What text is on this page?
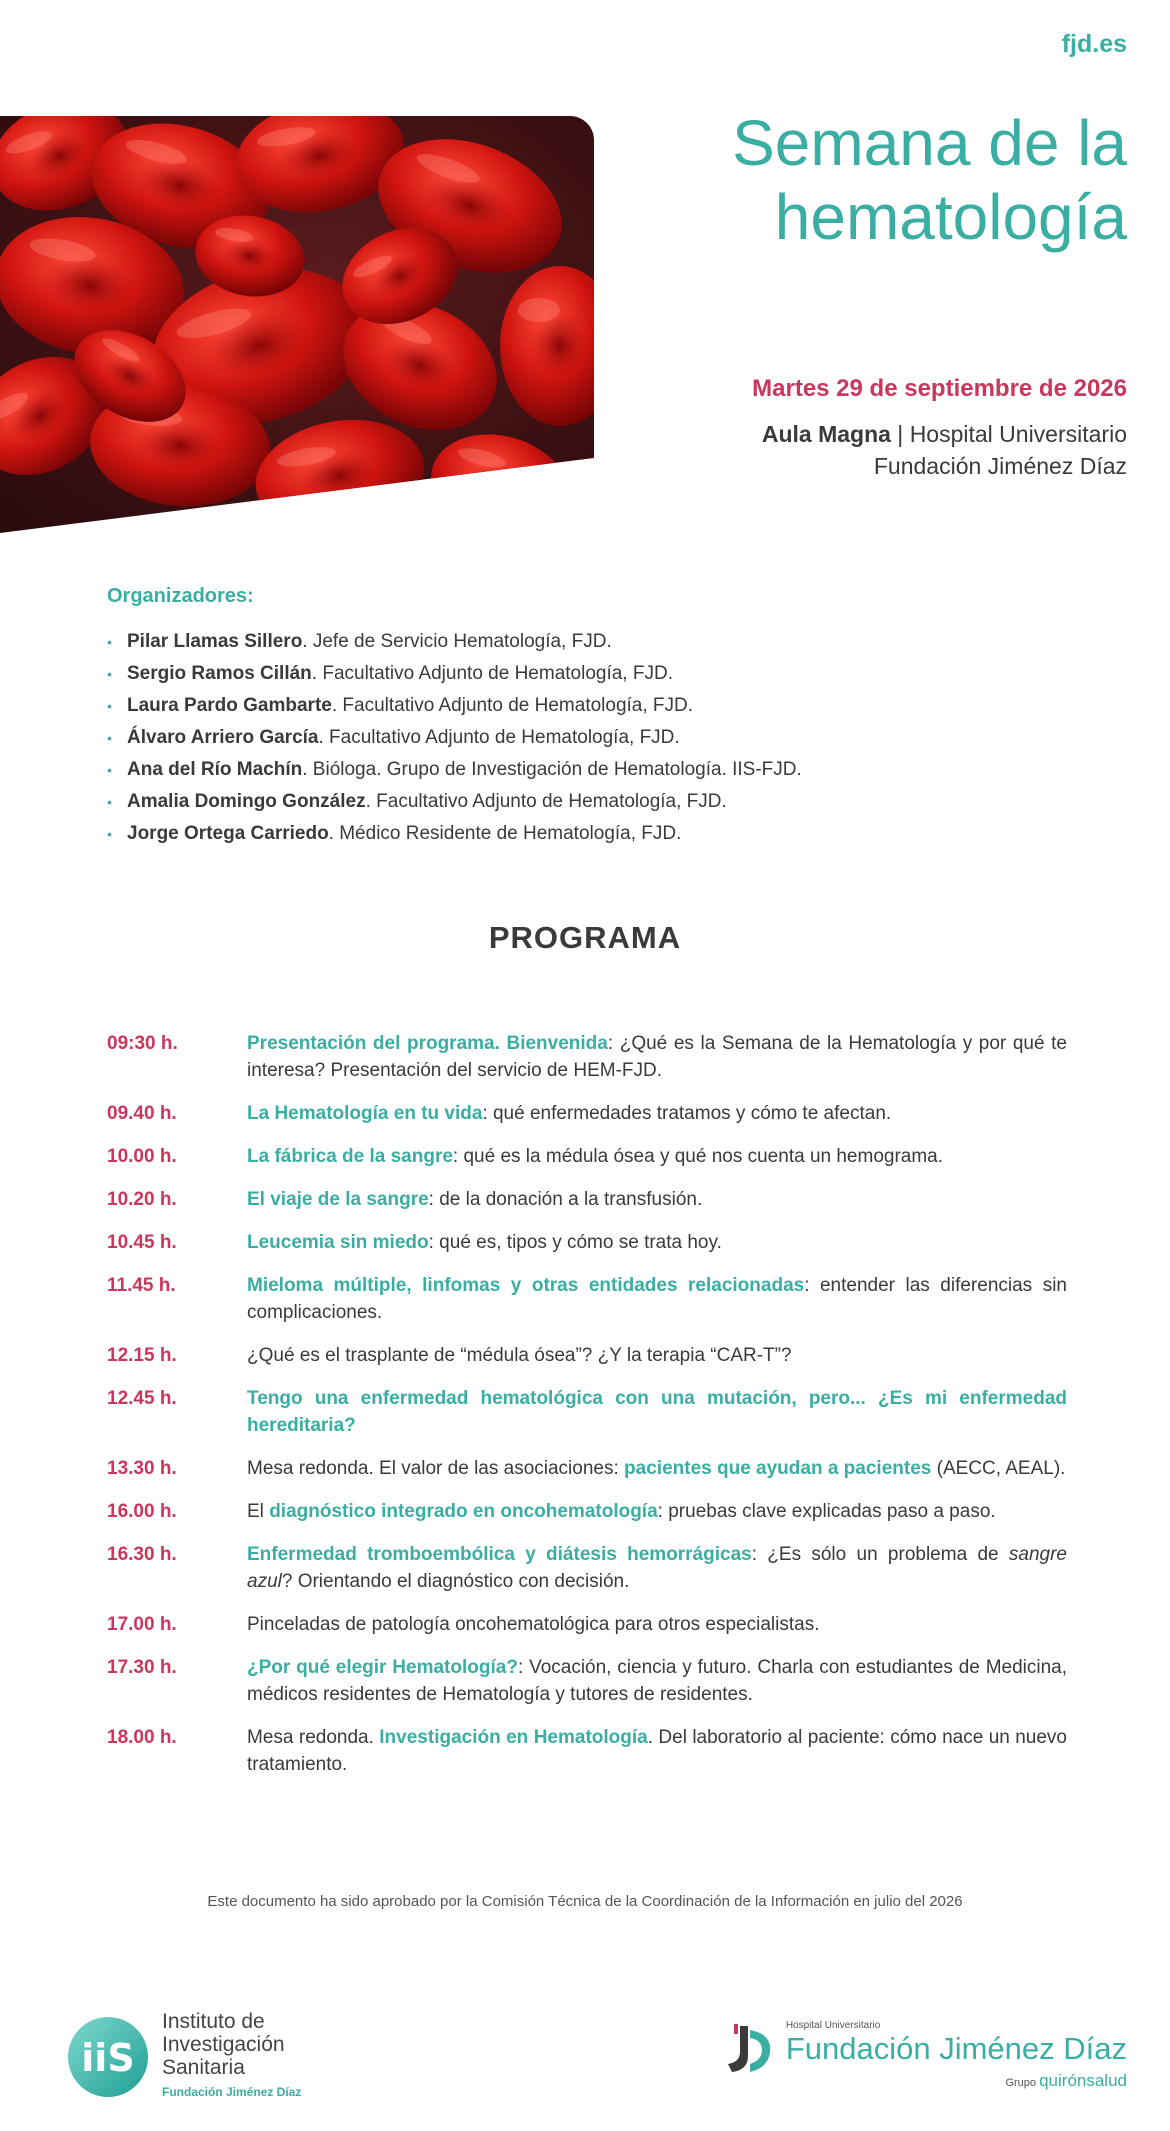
fjd.es
Semana de la
hematología
Martes 29 de septiembre de 2026
Aula Magna | Hospital Universitario
Fundación Jiménez Díaz
Organizadores:
• Pilar Llamas Sillero. Jefe de Servicio Hematología, FJD.
• Sergio Ramos Cillán. Facultativo Adjunto de Hematología, FJD.
• Laura Pardo Gambarte. Facultativo Adjunto de Hematología, FJD.
• Álvaro Arriero García. Facultativo Adjunto de Hematología, FJD.
• Ana del Río Machín. Bióloga. Grupo de Investigación de Hematología. IIS-FJD.
• Amalia Domingo González. Facultativo Adjunto de Hematología, FJD.
• Jorge Ortega Carriedo. Médico Residente de Hematología, FJD.
PROGRAMA
09:30 h.	Presentación del programa. Bienvenida: ¿Qué es la Semana de la Hematología y por qué te interesa? Presentación del servicio de HEM-FJD.
09.40 h.	La Hematología en tu vida: qué enfermedades tratamos y cómo te afectan.
10.00 h.	La fábrica de la sangre: qué es la médula ósea y qué nos cuenta un hemograma.
10.20 h.	El viaje de la sangre: de la donación a la transfusión.
10.45 h.	Leucemia sin miedo: qué es, tipos y cómo se trata hoy.
11.45 h.	Mieloma múltiple, linfomas y otras entidades relacionadas: entender las diferencias sin complicaciones.
12.15 h.	¿Qué es el trasplante de “médula ósea”? ¿Y la terapia “CAR-T”?
12.45 h.	Tengo una enfermedad hematológica con una mutación, pero... ¿Es mi enfermedad hereditaria?
13.30 h.	Mesa redonda. El valor de las asociaciones: pacientes que ayudan a pacientes (AECC, AEAL).
16.00 h.	El diagnóstico integrado en oncohematología: pruebas clave explicadas paso a paso.
16.30 h.	Enfermedad tromboembólica y diátesis hemorrágicas: ¿Es sólo un problema de sangre azul? Orientando el diagnóstico con decisión.
17.00 h.	Pinceladas de patología oncohematológica para otros especialistas.
17.30 h.	¿Por qué elegir Hematología?: Vocación, ciencia y futuro. Charla con estudiantes de Medicina, médicos residentes de Hematología y tutores de residentes.
18.00 h.	Mesa redonda. Investigación en Hematología. Del laboratorio al paciente: cómo nace un nuevo tratamiento.
Este documento ha sido aprobado por la Comisión Técnica de la Coordinación de la Información en julio del 2026
iiS
Instituto de
Investigación
Sanitaria
Fundación Jiménez Díaz
Hospital Universitario
Fundación Jiménez Díaz
Grupo quirónsalud
